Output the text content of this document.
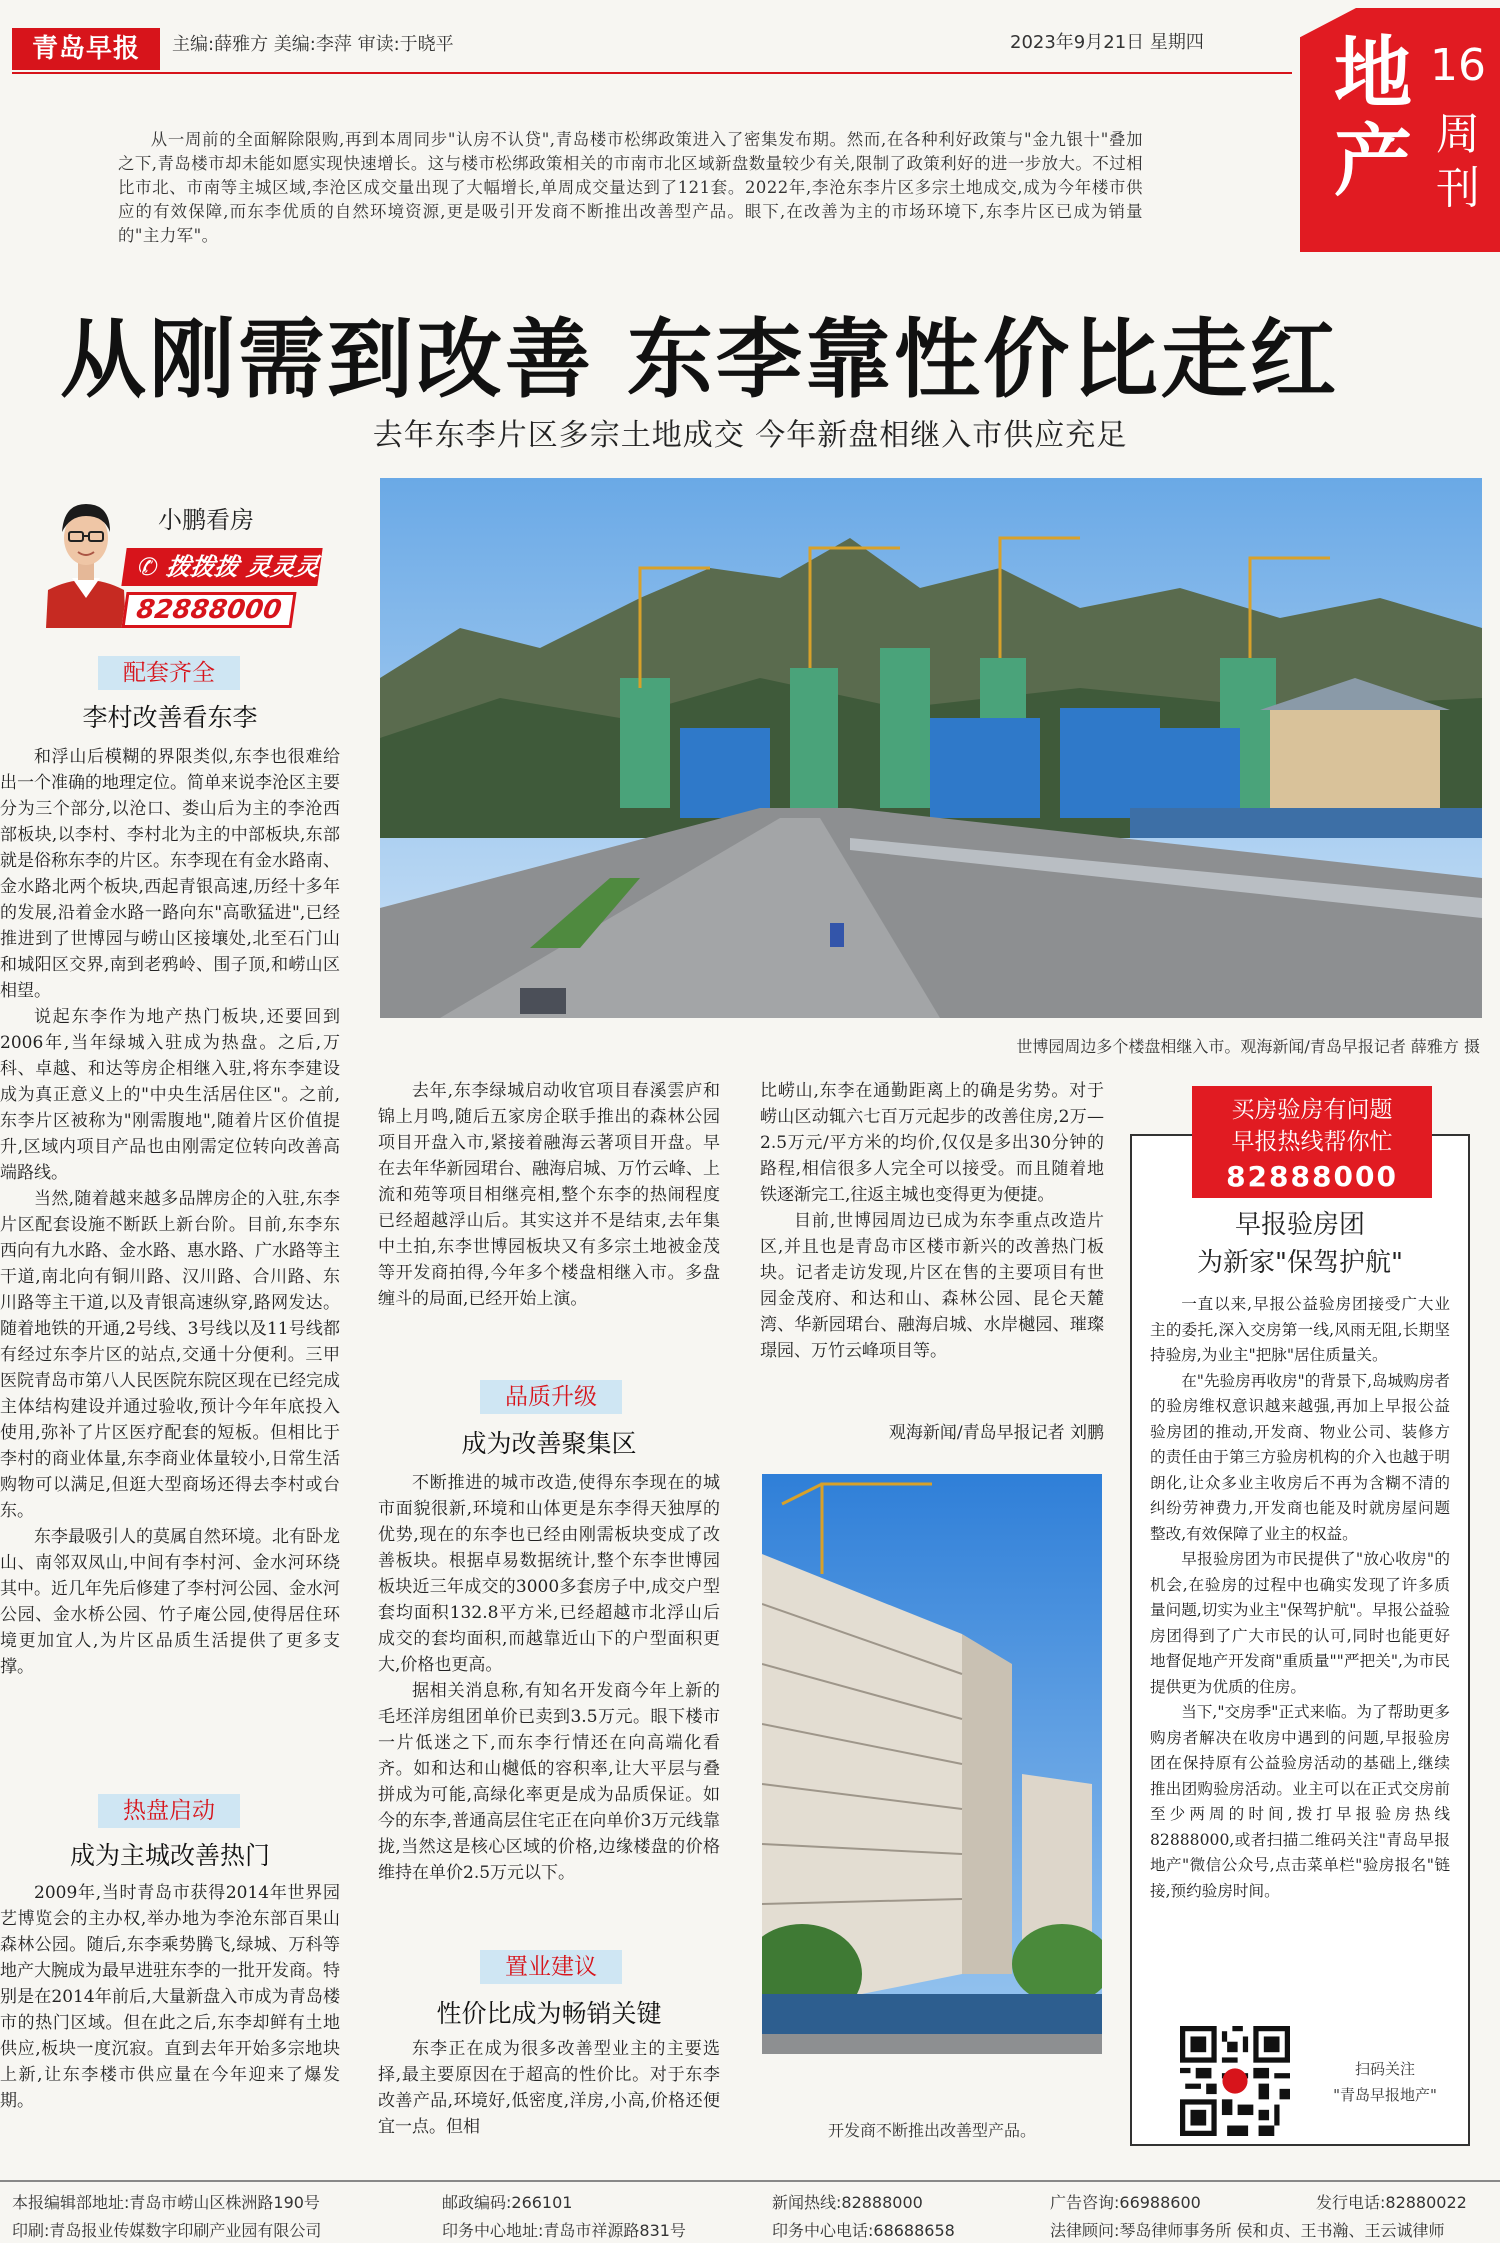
青岛早报	主编:薛雅方 美编:李萍 审读:于晓平	2023年9月21日 星期四 地产
16
周刊
从一周前的全面解除限购,再到本周同步"认房不认贷",青岛楼市松绑政策进入了密集发布期。然而,在各种利好政策与"金九银十"叠加之下,青岛楼市却未能如愿实现快速增长。这与楼市松绑政策相关的市南市北区域新盘数量较少有关,限制了政策利好的进一步放大。不过相比市北、市南等主城区域,李沧区成交量出现了大幅增长,单周成交量达到了121套。2022年,李沧东李片区多宗土地成交,成为今年楼市供应的有效保障,而东李优质的自然环境资源,更是吸引开发商不断推出改善型产品。眼下,在改善为主的市场环境下,东李片区已成为销量的"主力军"。
从刚需到改善 东李靠性价比走红
去年东李片区多宗土地成交 今年新盘相继入市供应充足
小鹏看房
✆ 拨拨拨 灵灵灵
82888000
配套齐全
李村改善看东李

和浮山后模糊的界限类似,东李也很难给出一个准确的地理定位。简单来说李沧区主要分为三个部分,以沧口、娄山后为主的李沧西部板块,以李村、李村北为主的中部板块,东部就是俗称东李的片区。东李现在有金水路南、金水路北两个板块,西起青银高速,历经十多年的发展,沿着金水路一路向东"高歌猛进",已经推进到了世博园与崂山区接壤处,北至石门山和城阳区交界,南到老鸦岭、围子顶,和崂山区相望。

说起东李作为地产热门板块,还要回到2006年,当年绿城入驻成为热盘。之后,万科、卓越、和达等房企相继入驻,将东李建设成为真正意义上的"中央生活居住区"。之前,东李片区被称为"刚需腹地",随着片区价值提升,区域内项目产品也由刚需定位转向改善高端路线。

当然,随着越来越多品牌房企的入驻,东李片区配套设施不断跃上新台阶。目前,东李东西向有九水路、金水路、惠水路、广水路等主干道,南北向有铜川路、汉川路、合川路、东川路等主干道,以及青银高速纵穿,路网发达。随着地铁的开通,2号线、3号线以及11号线都有经过东李片区的站点,交通十分便利。三甲医院青岛市第八人民医院东院区现在已经完成主体结构建设并通过验收,预计今年年底投入使用,弥补了片区医疗配套的短板。但相比于李村的商业体量,东李商业体量较小,日常生活购物可以满足,但逛大型商场还得去李村或台东。

东李最吸引人的莫属自然环境。北有卧龙山、南邻双凤山,中间有李村河、金水河环绕其中。近几年先后修建了李村河公园、金水河公园、金水桥公园、竹子庵公园,使得居住环境更加宜人,为片区品质生活提供了更多支撑。

热盘启动
成为主城改善热门

2009年,当时青岛市获得2014年世界园艺博览会的主办权,举办地为李沧东部百果山森林公园。随后,东李乘势腾飞,绿城、万科等地产大腕成为最早进驻东李的一批开发商。特别是在2014年前后,大量新盘入市成为青岛楼市的热门区域。但在此之后,东李却鲜有土地供应,板块一度沉寂。直到去年开始多宗地块上新,让东李楼市供应量在今年迎来了爆发期。

世博园周边多个楼盘相继入市。观海新闻/青岛早报记者 薛雅方 摄

去年,东李绿城启动收官项目春溪雲庐和锦上月鸣,随后五家房企联手推出的森林公园项目开盘入市,紧接着融海云著项目开盘。早在去年华新园珺台、融海启城、万竹云峰、上流和苑等项目相继亮相,整个东李的热闹程度已经超越浮山后。其实这并不是结束,去年集中土拍,东李世博园板块又有多宗土地被金茂等开发商拍得,今年多个楼盘相继入市。多盘缠斗的局面,已经开始上演。

品质升级
成为改善聚集区

不断推进的城市改造,使得东李现在的城市面貌很新,环境和山体更是东李得天独厚的优势,现在的东李也已经由刚需板块变成了改善板块。根据卓易数据统计,整个东李世博园板块近三年成交的3000多套房子中,成交户型套均面积132.8平方米,已经超越市北浮山后成交的套均面积,而越靠近山下的户型面积更大,价格也更高。

据相关消息称,有知名开发商今年上新的毛坯洋房组团单价已卖到3.5万元。眼下楼市一片低迷之下,而东李行情还在向高端化看齐。如和达和山樾低的容积率,让大平层与叠拼成为可能,高绿化率更是成为品质保证。如今的东李,普通高层住宅正在向单价3万元线靠拢,当然这是核心区域的价格,边缘楼盘的价格维持在单价2.5万元以下。

置业建议
性价比成为畅销关键

东李正在成为很多改善型业主的主要选择,最主要原因在于超高的性价比。对于东李改善产品,环境好,低密度,洋房,小高,价格还便宜一点。但相

比崂山,东李在通勤距离上的确是劣势。对于崂山区动辄六七百万元起步的改善住房,2万—2.5万元/平方米的均价,仅仅是多出30分钟的路程,相信很多人完全可以接受。而且随着地铁逐渐完工,往返主城也变得更为便捷。

目前,世博园周边已成为东李重点改造片区,并且也是青岛市区楼市新兴的改善热门板块。记者走访发现,片区在售的主要项目有世园金茂府、和达和山、森林公园、昆仑天麓湾、华新园珺台、融海启城、水岸樾园、璀璨璟园、万竹云峰项目等。

观海新闻/青岛早报记者 刘鹏
开发商不断推出改善型产品。
买房验房有问题
早报热线帮你忙
82888000
早报验房团
为新家"保驾护航"

一直以来,早报公益验房团接受广大业主的委托,深入交房第一线,风雨无阻,长期坚持验房,为业主"把脉"居住质量关。

在"先验房再收房"的背景下,岛城购房者的验房维权意识越来越强,再加上早报公益验房团的推动,开发商、物业公司、装修方的责任由于第三方验房机构的介入也越于明朗化,让众多业主收房后不再为含糊不清的纠纷劳神费力,开发商也能及时就房屋问题整改,有效保障了业主的权益。

早报验房团为市民提供了"放心收房"的机会,在验房的过程中也确实发现了许多质量问题,切实为业主"保驾护航"。早报公益验房团得到了广大市民的认可,同时也能更好地督促地产开发商"重质量""严把关",为市民提供更为优质的住房。

当下,"交房季"正式来临。为了帮助更多购房者解决在收房中遇到的问题,早报验房团在保持原有公益验房活动的基础上,继续推出团购验房活动。业主可以在正式交房前至少两周的时间,拨打早报验房热线82888000,或者扫描二维码关注"青岛早报地产"微信公众号,点击菜单栏"验房报名"链接,预约验房时间。

扫码关注
"青岛早报地产"
本报编辑部地址:青岛市崂山区株洲路190号	邮政编码:266101	新闻热线:82888000	广告咨询:66988600	发行电话:82880022
印刷:青岛报业传媒数字印刷产业园有限公司	印务中心地址:青岛市祥源路831号	印务中心电话:68688658	法律顾问:琴岛律师事务所 侯和贞、王书瀚、王云诚律师
